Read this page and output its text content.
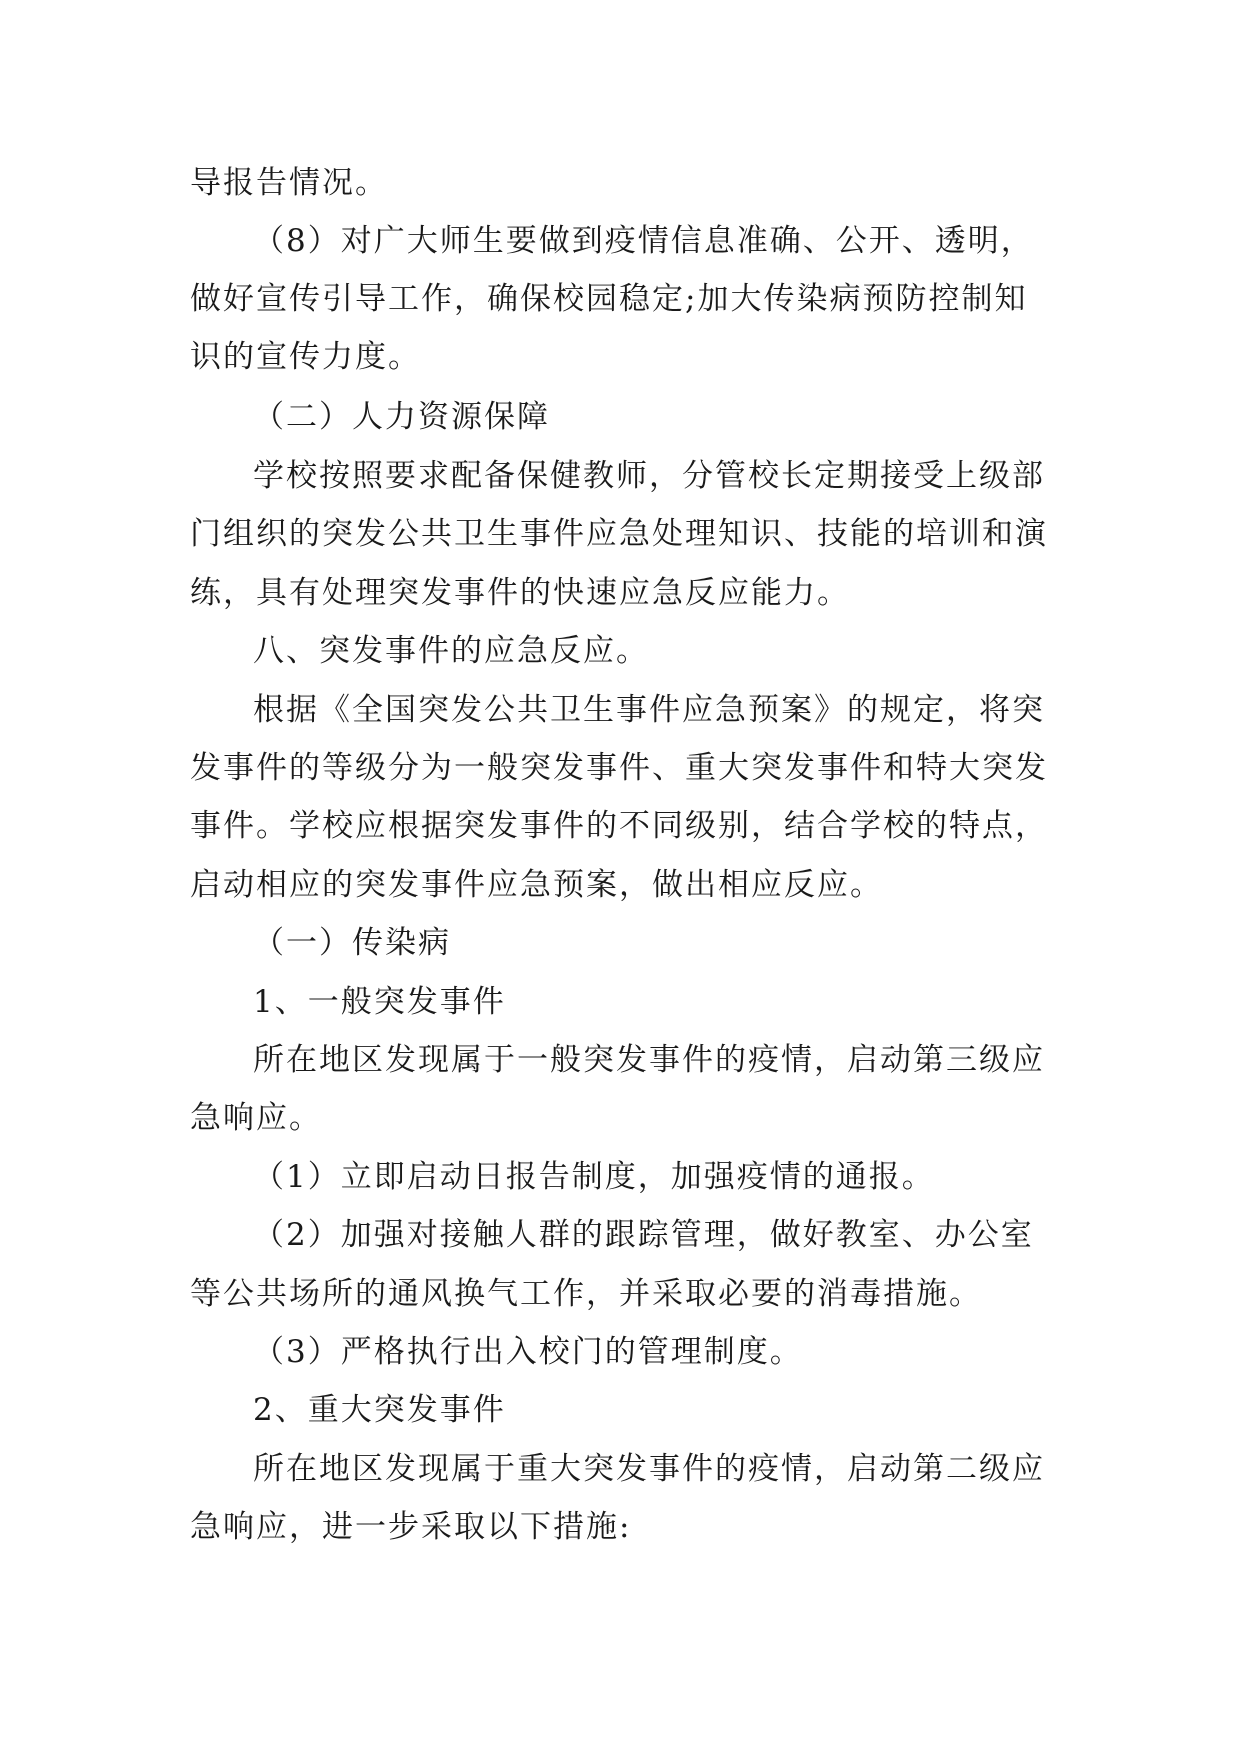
导报告情况。
（8）对广大师生要做到疫情信息准确、公开、透明，
做好宣传引导工作，确保校园稳定;加大传染病预防控制知
识的宣传力度。
（二）人力资源保障
学校按照要求配备保健教师，分管校长定期接受上级部
门组织的突发公共卫生事件应急处理知识、技能的培训和演
练，具有处理突发事件的快速应急反应能力。
八、突发事件的应急反应。
根据《全国突发公共卫生事件应急预案》的规定，将突
发事件的等级分为一般突发事件、重大突发事件和特大突发
事件。学校应根据突发事件的不同级别，结合学校的特点，
启动相应的突发事件应急预案，做出相应反应。
（一）传染病
1、一般突发事件
所在地区发现属于一般突发事件的疫情，启动第三级应
急响应。
（1）立即启动日报告制度，加强疫情的通报。
（2）加强对接触人群的跟踪管理，做好教室、办公室
等公共场所的通风换气工作，并采取必要的消毒措施。
（3）严格执行出入校门的管理制度。
2、重大突发事件
所在地区发现属于重大突发事件的疫情，启动第二级应
急响应，进一步采取以下措施:
